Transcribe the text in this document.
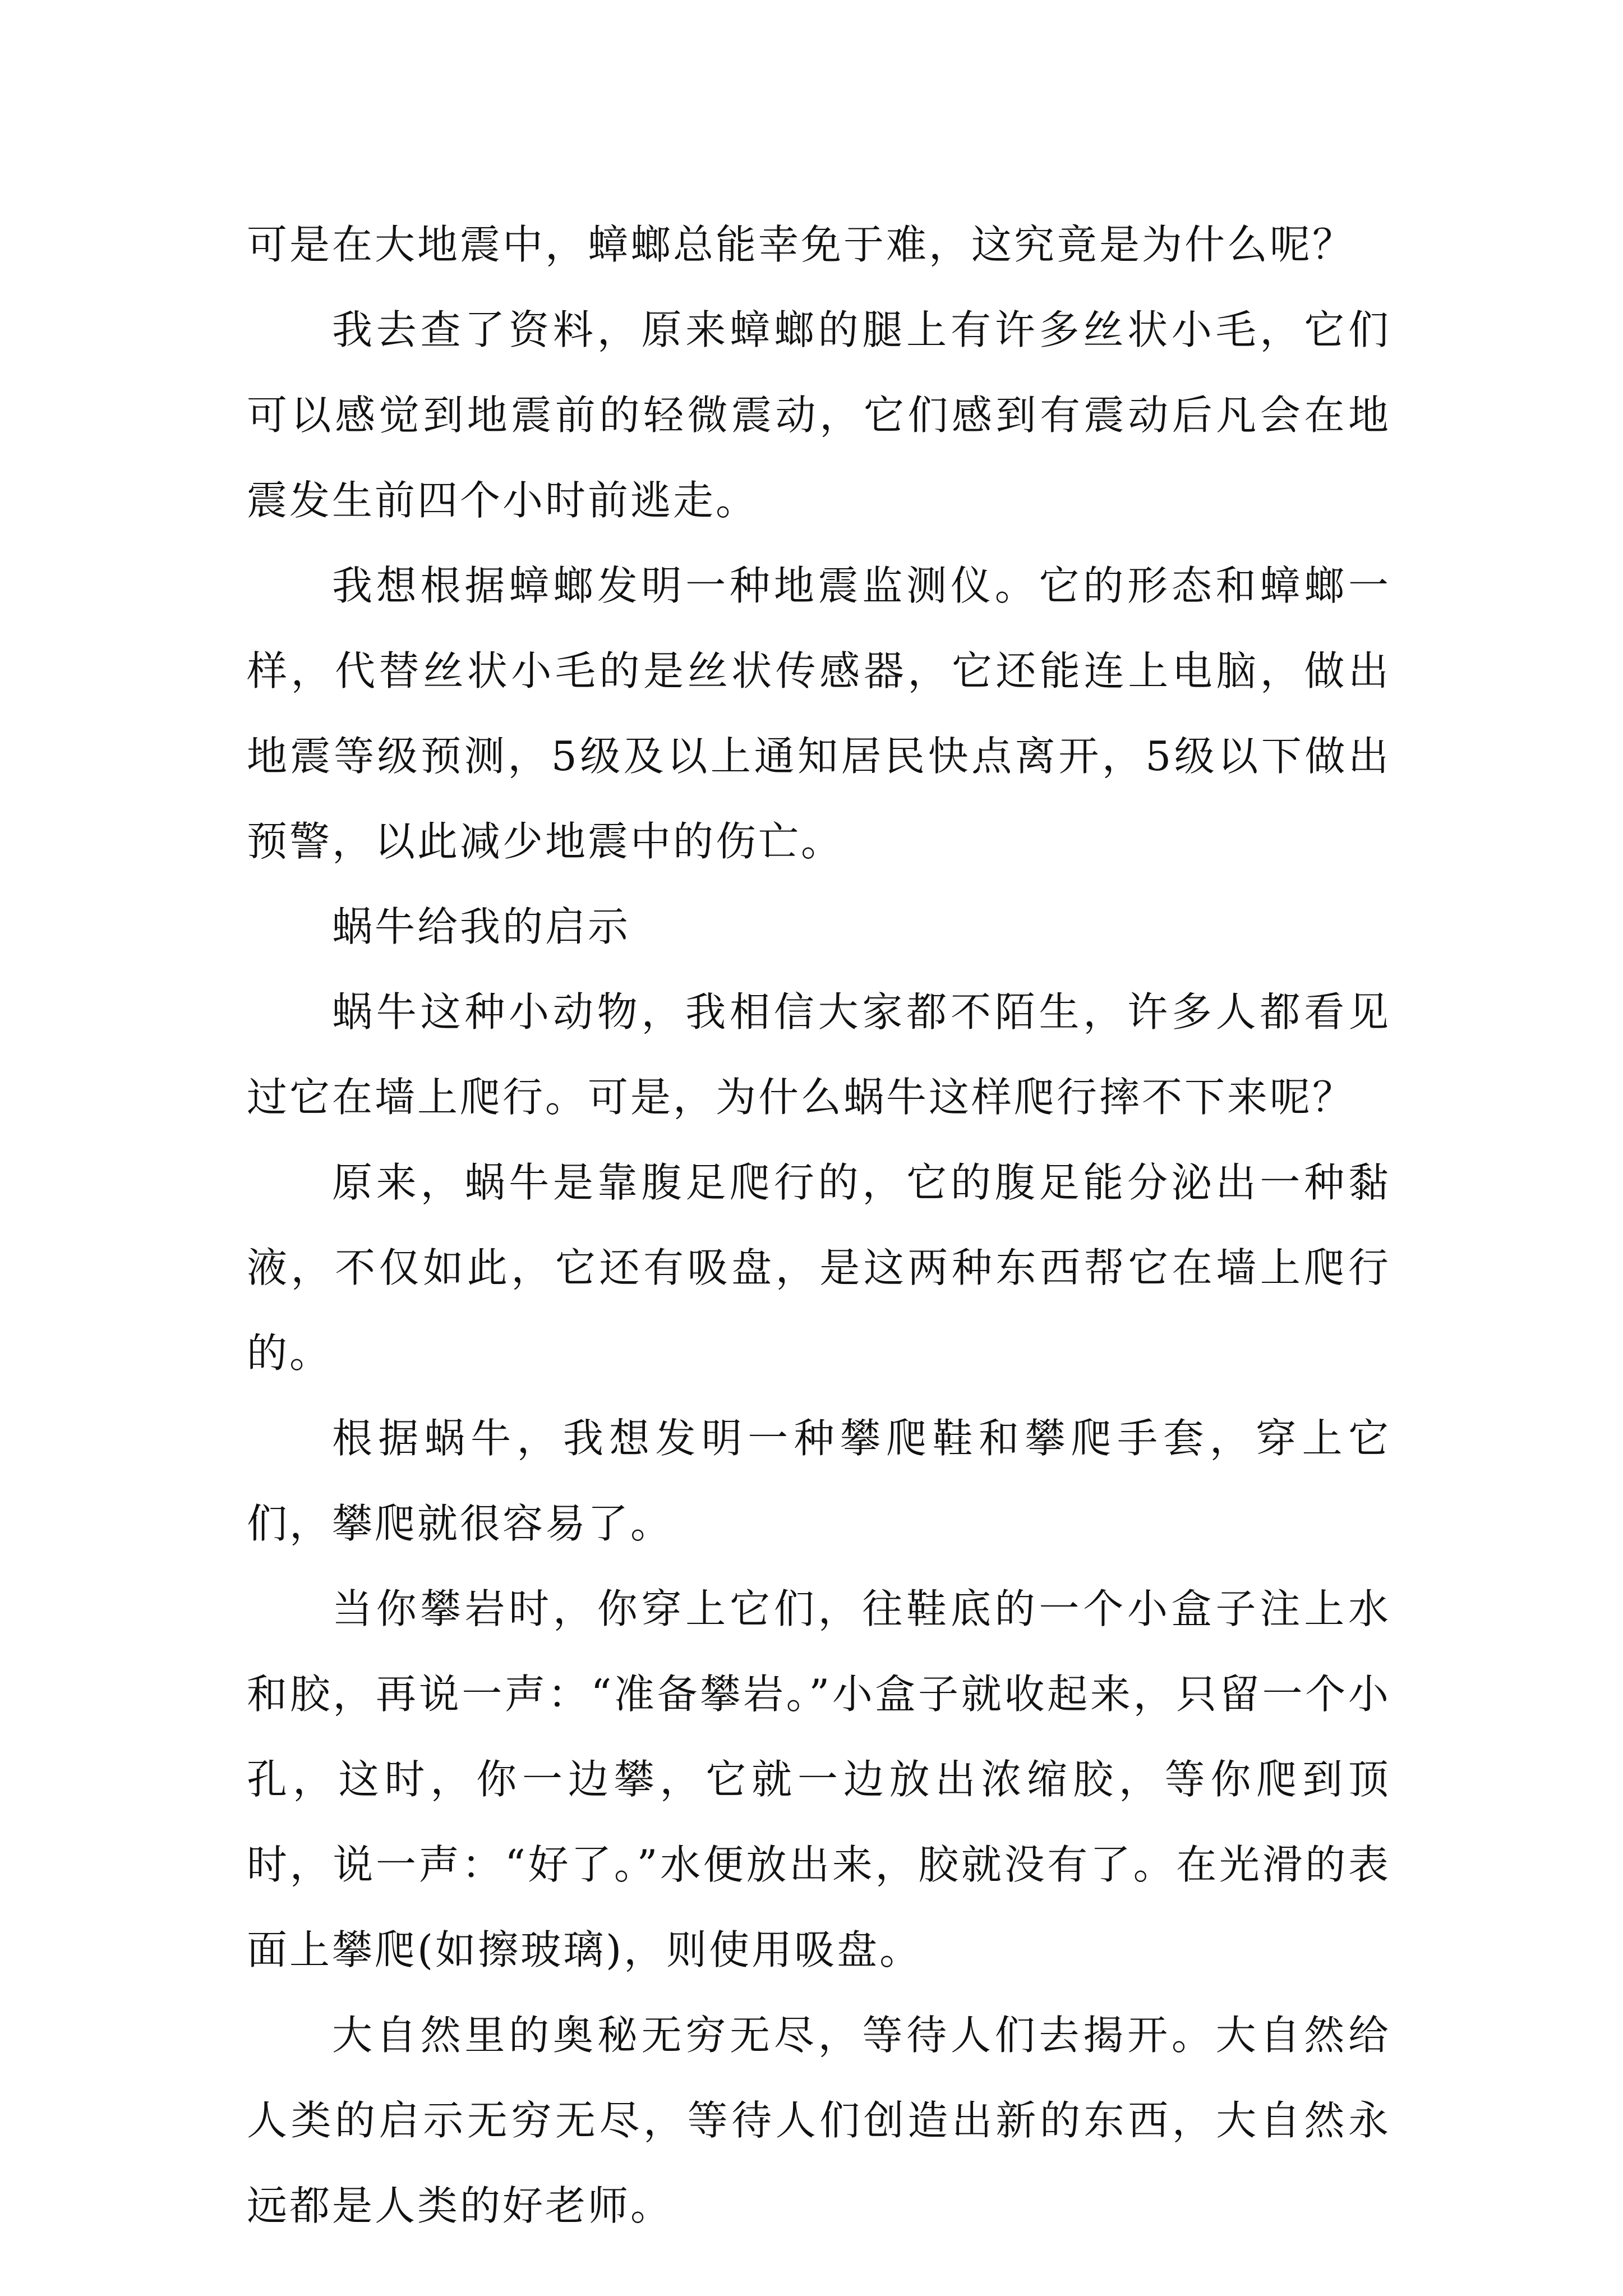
可是在大地震中，蟑螂总能幸免于难，这究竟是为什么呢？

我去查了资料，原来蟑螂的腿上有许多丝状小毛，它们可以感觉到地震前的轻微震动，它们感到有震动后凡会在地震发生前四个小时前逃走。

我想根据蟑螂发明一种地震监测仪。它的形态和蟑螂一样，代替丝状小毛的是丝状传感器，它还能连上电脑，做出地震等级预测，5级及以上通知居民快点离开，5级以下做出预警，以此减少地震中的伤亡。

蜗牛给我的启示

蜗牛这种小动物，我相信大家都不陌生，许多人都看见过它在墙上爬行。可是，为什么蜗牛这样爬行摔不下来呢？

原来，蜗牛是靠腹足爬行的，它的腹足能分泌出一种黏液，不仅如此，它还有吸盘，是这两种东西帮它在墙上爬行的。

根据蜗牛，我想发明一种攀爬鞋和攀爬手套，穿上它们，攀爬就很容易了。

当你攀岩时，你穿上它们，往鞋底的一个小盒子注上水和胶，再说一声：“准备攀岩。”小盒子就收起来，只留一个小孔，这时，你一边攀，它就一边放出浓缩胶，等你爬到顶时，说一声：“好了。”水便放出来，胶就没有了。在光滑的表面上攀爬(如擦玻璃)，则使用吸盘。

大自然里的奥秘无穷无尽，等待人们去揭开。大自然给人类的启示无穷无尽，等待人们创造出新的东西，大自然永远都是人类的好老师。
